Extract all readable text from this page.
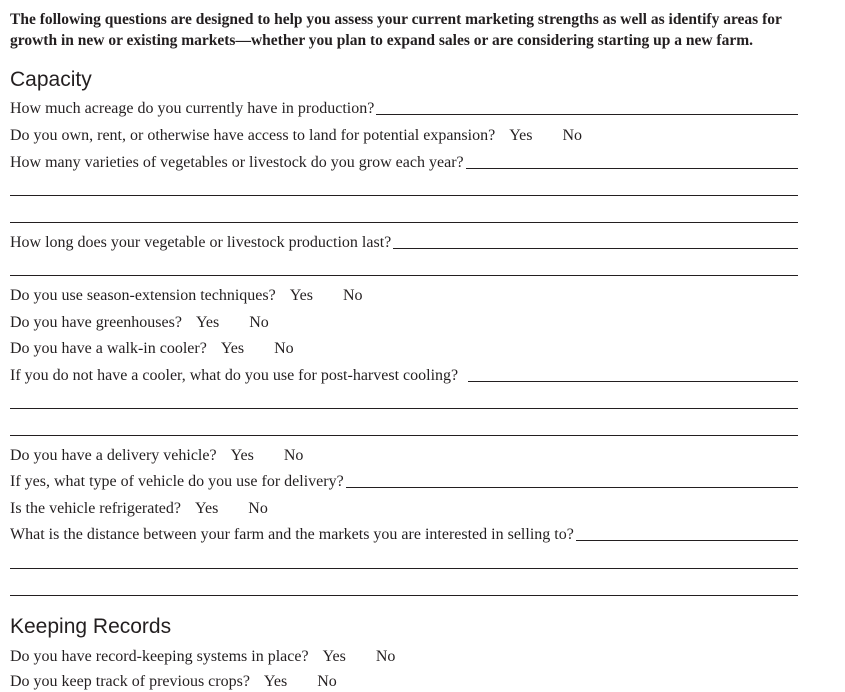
The following questions are designed to help you assess your current marketing strengths as well as identify areas for growth in new or existing markets—whether you plan to expand sales or are considering starting up a new farm.
Capacity
How much acreage do you currently have in production?
Do you own, rent, or otherwise have access to land for potential expansion? Yes No
How many varieties of vegetables or livestock do you grow each year?
How long does your vegetable or livestock production last?
Do you use season-extension techniques? Yes No
Do you have greenhouses? Yes No
Do you have a walk-in cooler? Yes No
If you do not have a cooler, what do you use for post-harvest cooling?
Do you have a delivery vehicle? Yes No
If yes, what type of vehicle do you use for delivery?
Is the vehicle refrigerated? Yes No
What is the distance between your farm and the markets you are interested in selling to?
Keeping Records
Do you have record-keeping systems in place? Yes No
Do you keep track of previous crops? Yes No
